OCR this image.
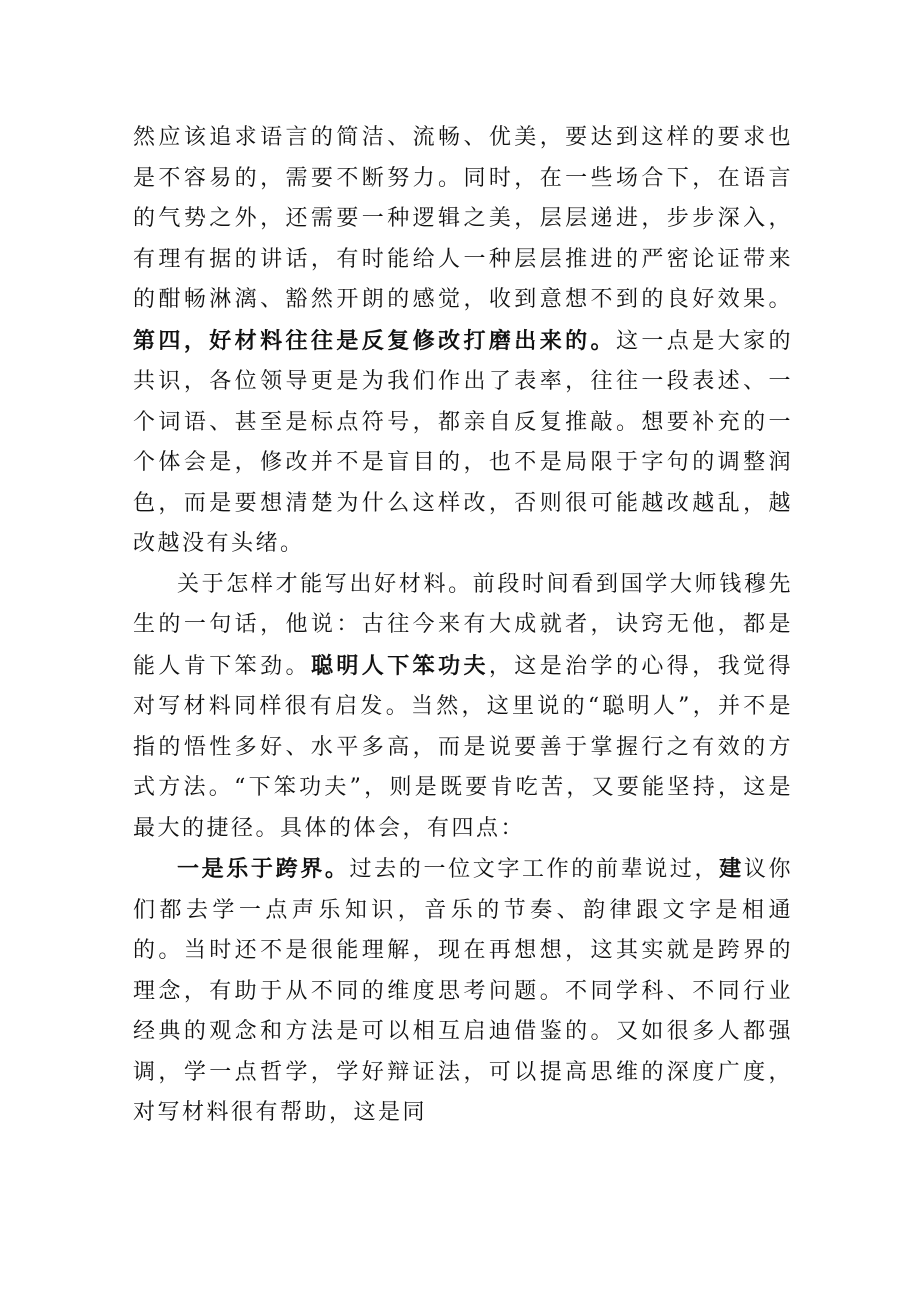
然应该追求语言的简洁、流畅、优美，要达到这样的要求也是不容易的，需要不断努力。同时，在一些场合下，在语言的气势之外，还需要一种逻辑之美，层层递进，步步深入，有理有据的讲话，有时能给人一种层层推进的严密论证带来的酣畅淋漓、豁然开朗的感觉，收到意想不到的良好效果。第四，好材料往往是反复修改打磨出来的。这一点是大家的共识，各位领导更是为我们作出了表率，往往一段表述、一个词语、甚至是标点符号，都亲自反复推敲。想要补充的一个体会是，修改并不是盲目的，也不是局限于字句的调整润色，而是要想清楚为什么这样改，否则很可能越改越乱，越改越没有头绪。

关于怎样才能写出好材料。前段时间看到国学大师钱穆先生的一句话，他说：古往今来有大成就者，诀窍无他，都是能人肯下笨劲。聪明人下笨功夫，这是治学的心得，我觉得对写材料同样很有启发。当然，这里说的“聪明人”，并不是指的悟性多好、水平多高，而是说要善于掌握行之有效的方式方法。“下笨功夫”，则是既要肯吃苦，又要能坚持，这是最大的捷径。具体的体会，有四点：

一是乐于跨界。过去的一位文字工作的前辈说过，建议你们都去学一点声乐知识，音乐的节奏、韵律跟文字是相通的。当时还不是很能理解，现在再想想，这其实就是跨界的理念，有助于从不同的维度思考问题。不同学科、不同行业经典的观念和方法是可以相互启迪借鉴的。又如很多人都强调，学一点哲学，学好辩证法，可以提高思维的深度广度，对写材料很有帮助，这是同
